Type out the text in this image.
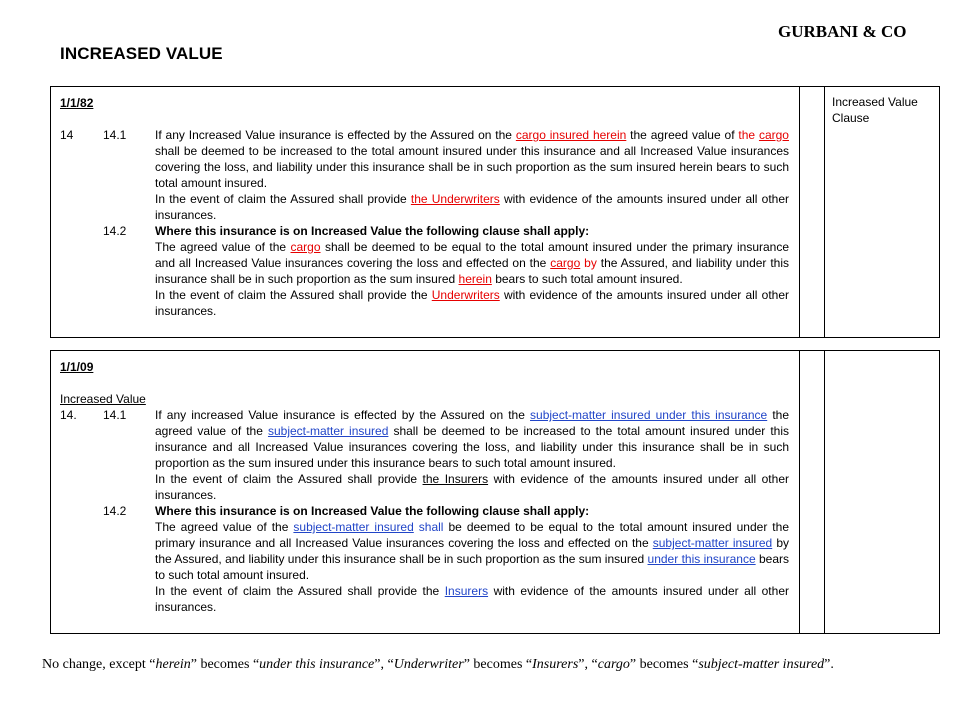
GURBANI & CO
INCREASED VALUE
1/1/82
14	14.1	If any Increased Value insurance is effected by the Assured on the cargo insured herein the agreed value of the cargo shall be deemed to be increased to the total amount insured under this insurance and all Increased Value insurances covering the loss, and liability under this insurance shall be in such proportion as the sum insured herein bears to such total amount insured.
In the event of claim the Assured shall provide the Underwriters with evidence of the amounts insured under all other insurances.
14.2	Where this insurance is on Increased Value the following clause shall apply:
The agreed value of the cargo shall be deemed to be equal to the total amount insured under the primary insurance and all Increased Value insurances covering the loss and effected on the cargo by the Assured, and liability under this insurance shall be in such proportion as the sum insured herein bears to such total amount insured.
In the event of claim the Assured shall provide the Underwriters with evidence of the amounts insured under all other insurances.

Increased Value Clause
1/1/09
Increased Value
14.	14.1	If any increased Value insurance is effected by the Assured on the subject-matter insured under this insurance the agreed value of the subject-matter insured shall be deemed to be increased to the total amount insured under this insurance and all Increased Value insurances covering the loss, and liability under this insurance shall be in such proportion as the sum insured under this insurance bears to such total amount insured.
In the event of claim the Assured shall provide the Insurers with evidence of the amounts insured under all other insurances.
14.2	Where this insurance is on Increased Value the following clause shall apply:
The agreed value of the subject-matter insured shall be deemed to be equal to the total amount insured under the primary insurance and all Increased Value insurances covering the loss and effected on the subject-matter insured by the Assured, and liability under this insurance shall be in such proportion as the sum insured under this insurance bears to such total amount insured.
In the event of claim the Assured shall provide the Insurers with evidence of the amounts insured under all other insurances.

No change, except “herein” becomes “under this insurance”, “Underwriter” becomes “Insurers”, “cargo” becomes “subject-matter insured”.
